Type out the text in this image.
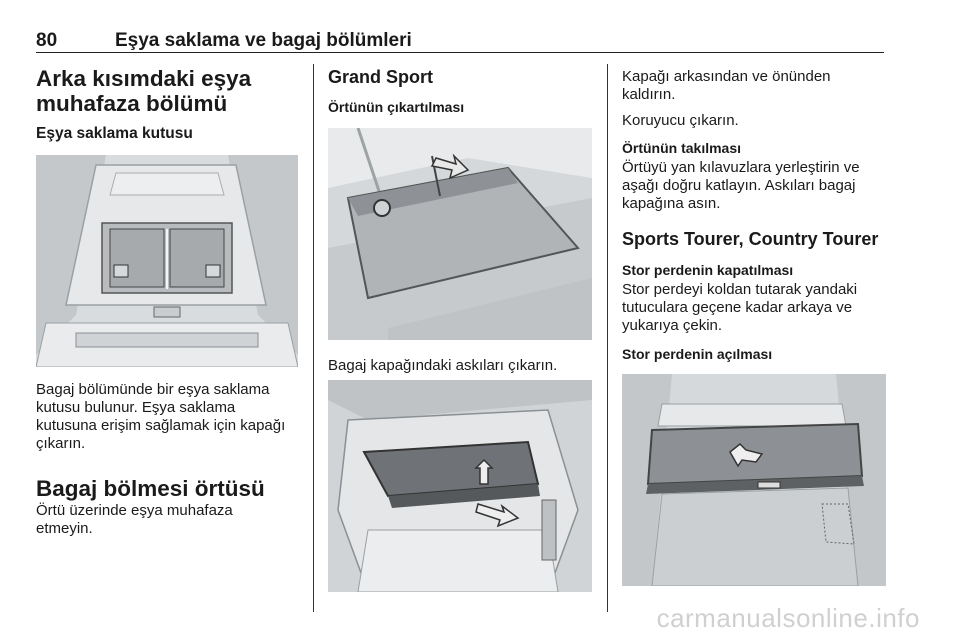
80	Eşya saklama ve bagaj bölümleri
Arka kısımdaki eşya
muhafaza bölümü
Eşya saklama kutusu
Bagaj bölümünde bir eşya saklama
kutusu bulunur. Eşya saklama
kutusuna erişim sağlamak için kapağı
çıkarın.
Bagaj bölmesi örtüsü
Örtü üzerinde eşya muhafaza
etmeyin.
Grand Sport
Örtünün çıkartılması
Bagaj kapağındaki askıları çıkarın.
Kapağı arkasından ve önünden
kaldırın.
Koruyucu çıkarın.
Örtünün takılması
Örtüyü yan kılavuzlara yerleştirin ve
aşağı doğru katlayın. Askıları bagaj
kapağına asın.
Sports Tourer, Country Tourer
Stor perdenin kapatılması
Stor perdeyi koldan tutarak yandaki
tutuculara geçene kadar arkaya ve
yukarıya çekin.
Stor perdenin açılması
carmanualsonline.info
